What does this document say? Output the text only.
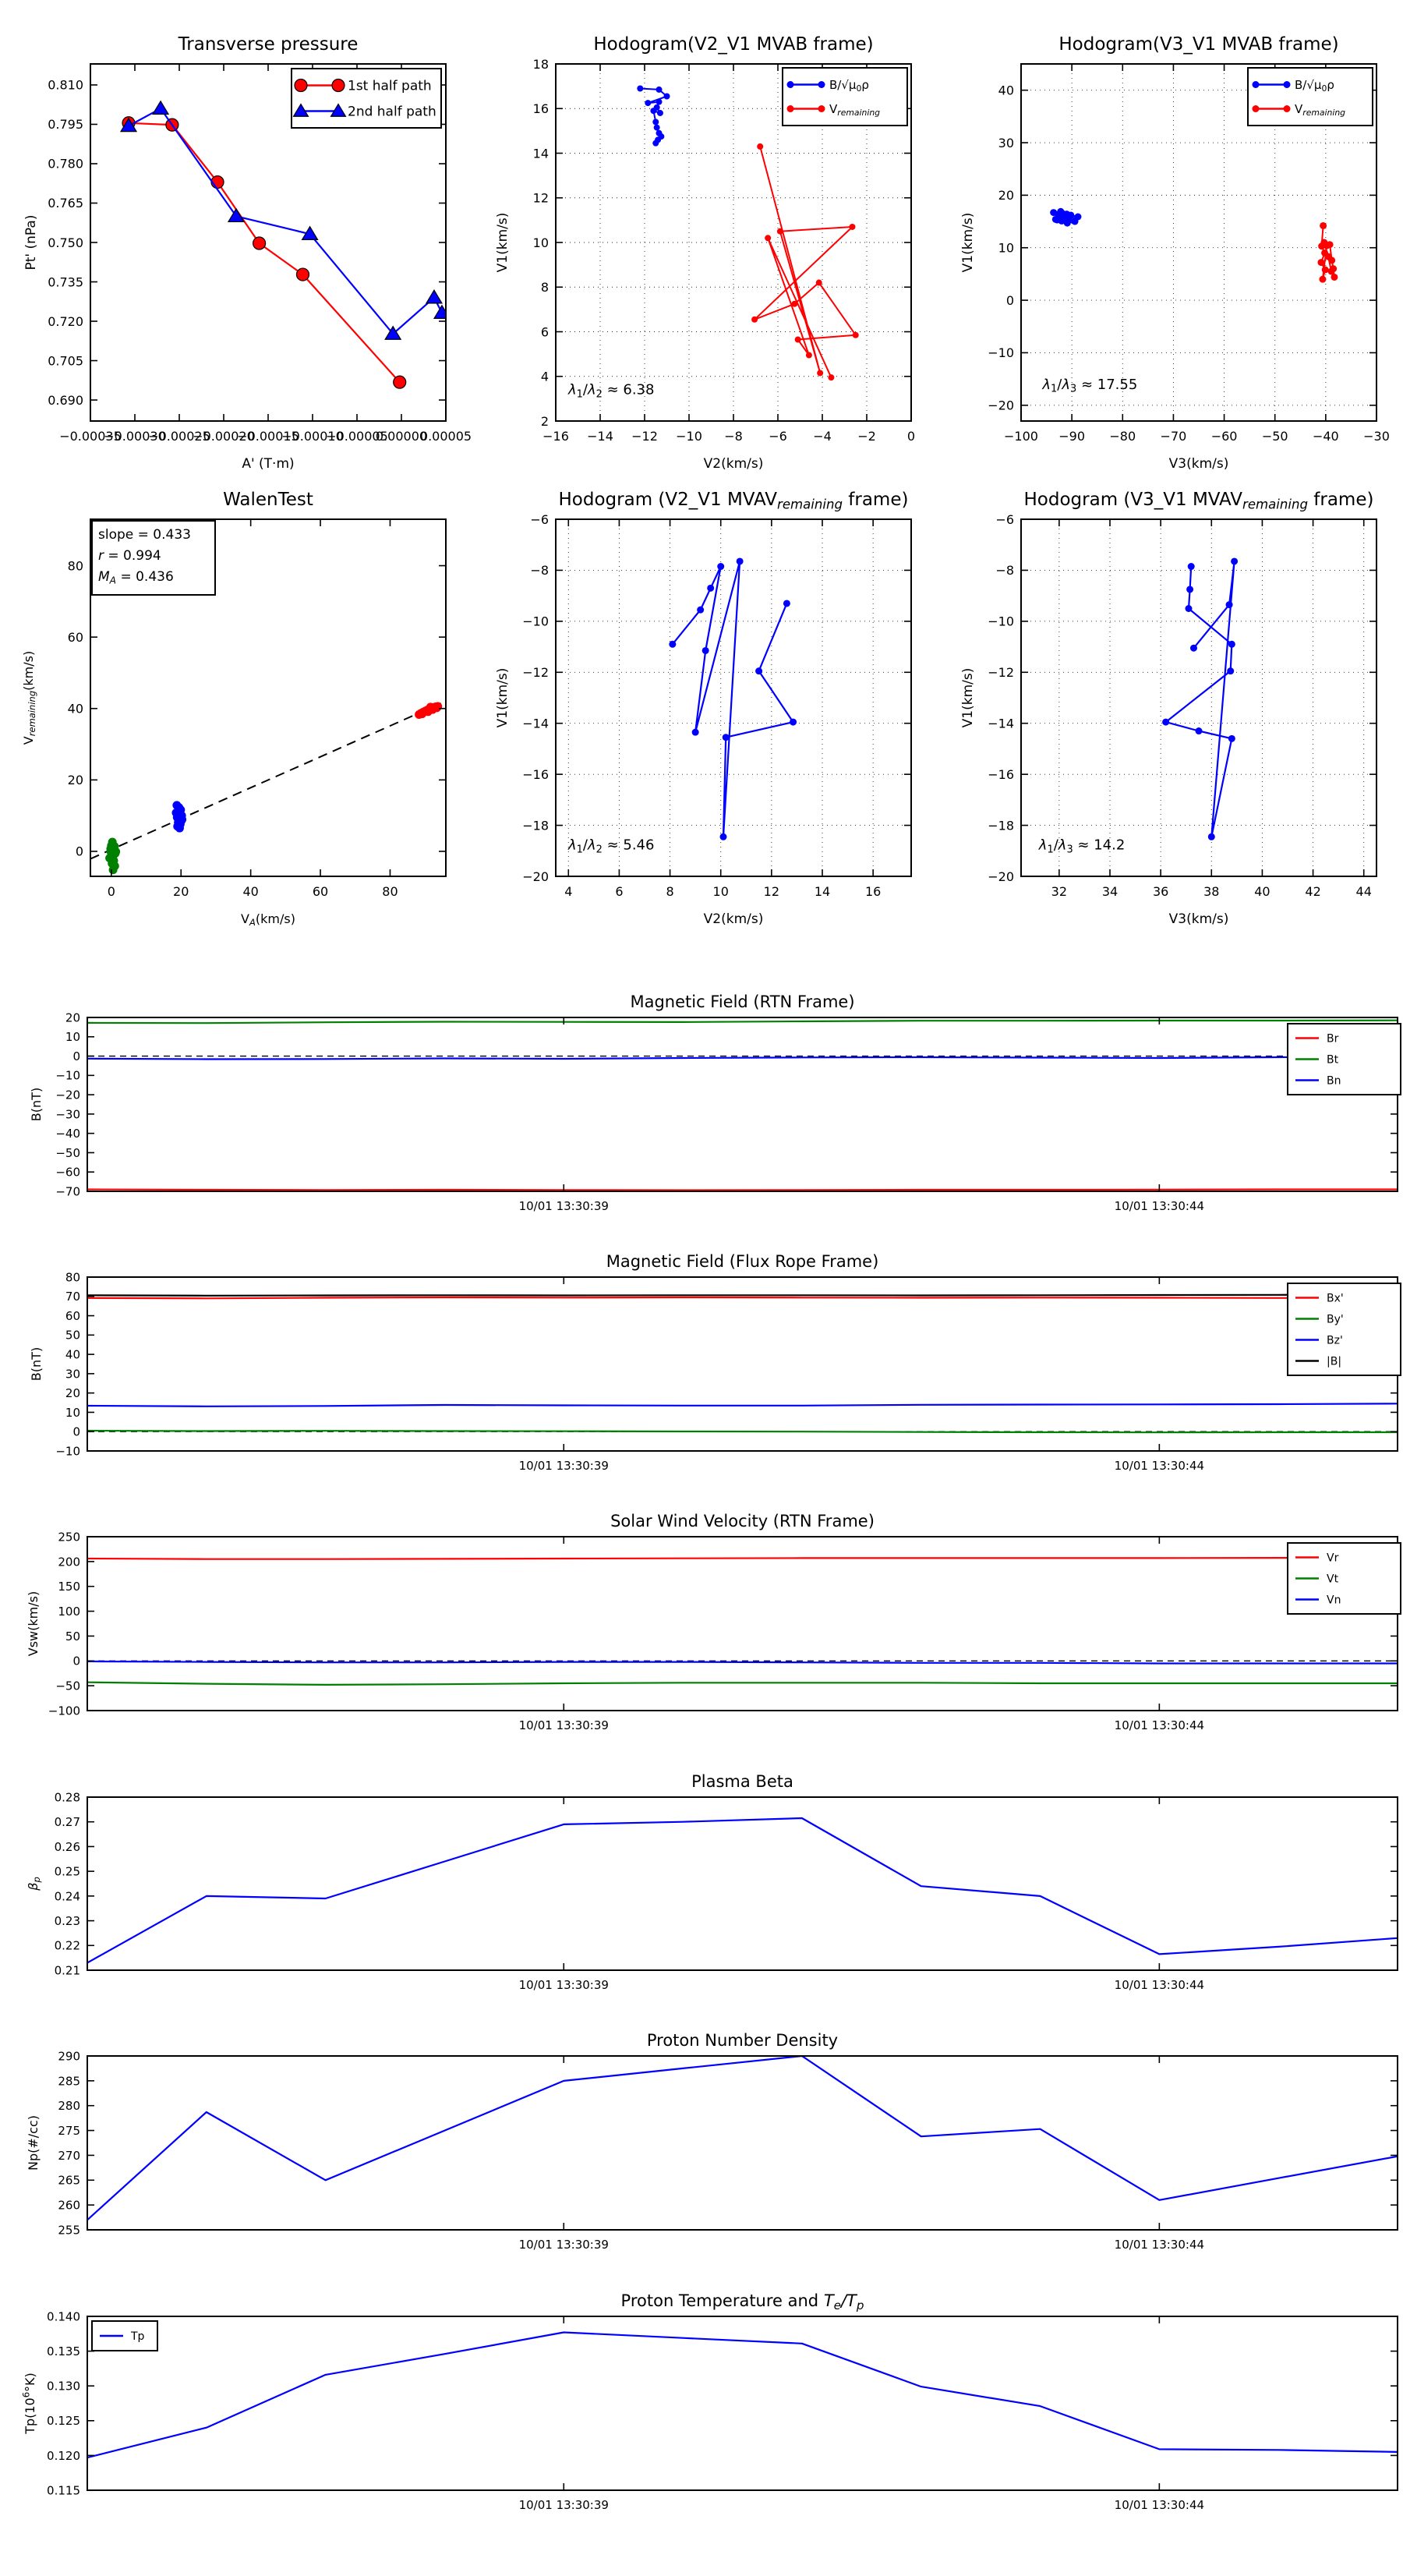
−0.00035
−0.00030
−0.00025
−0.00020
−0.00015
−0.00010
−0.00005
0.00000
0.00005
0.690
0.705
0.720
0.735
0.750
0.765
0.780
0.795
0.810
Transverse pressure
A' (T·m)
Pt' (nPa)
1st half path
2nd half path
−16 −14 −12 −10 −8 −6 −4 −2	0
2
4
6
8
10
12
14
16
18
Hodogram(V2_V1 MVAB frame)
V2(km/s)
V1(km/s)
$B/√\mu_0\rho$
$V_{remaining}$
$\lambda_1/\lambda_2 \approx 6.38$
−100 −90 −80 −70 −60 −50 −40 −30
−20
−10
0
10
20
30
40
Hodogram(V3_V1 MVAB frame)
V3(km/s)
V1(km/s)
$B/√\mu_0\rho$
$V_{remaining}$
$\lambda_1/\lambda_3 \approx 17.55$
0	20	40	60	80
0
20
40
60
80
WalenTest
$V_A(km/s)$
$V_{remaining}(km/s)$
slope = 0.433
r = 0.994
$M_A = 0.436$
4	6	8	10	12	14	16
−20
−18
−16
−14
−12
−10
−8
−6
Hodogram (V2_V1 $MVAV_{remaining}$ frame)
V2(km/s)
V1(km/s)
$\lambda_1/\lambda_2 \approx 5.46$
32	34	36	38	40	42	44
−20
−18
−16
−14
−12
−10
−8
−6
Hodogram (V3_V1 $MVAV_{remaining}$ frame)
V3(km/s)
V1(km/s)
$\lambda_1/\lambda_3 \approx 14.2$
10/01 13:30:39	10/01 13:30:44
−70
−60
−50
−40
−30
−20
−10
0
10
20
Magnetic Field (RTN Frame)
B(nT)
Br
Bt
Bn
10/01 13:30:39	10/01 13:30:44
−10
0
10
20
30
40
50
60
70
80
Magnetic Field (Flux Rope Frame)
B(nT)
Bx'
By'
Bz'
|B|
10/01 13:30:39	10/01 13:30:44
−100
−50
0
50
100
150
200
250
Solar Wind Velocity (RTN Frame)
Vsw(km/s)
Vr
Vt
Vn
10/01 13:30:39	10/01 13:30:44
0.21
0.22
0.23
0.24
0.25
0.26
0.27
0.28
Plasma Beta
$\beta_p$
10/01 13:30:39	10/01 13:30:44
255
260
265
270
275
280
285
290
Proton Number Density
Np(#/cc)
10/01 13:30:39	10/01 13:30:44
0.115
0.120
0.125
0.130
0.135
0.140
Proton Temperature and $T_e/T_p$
$Tp(10^6^\circ K)$
Tp
